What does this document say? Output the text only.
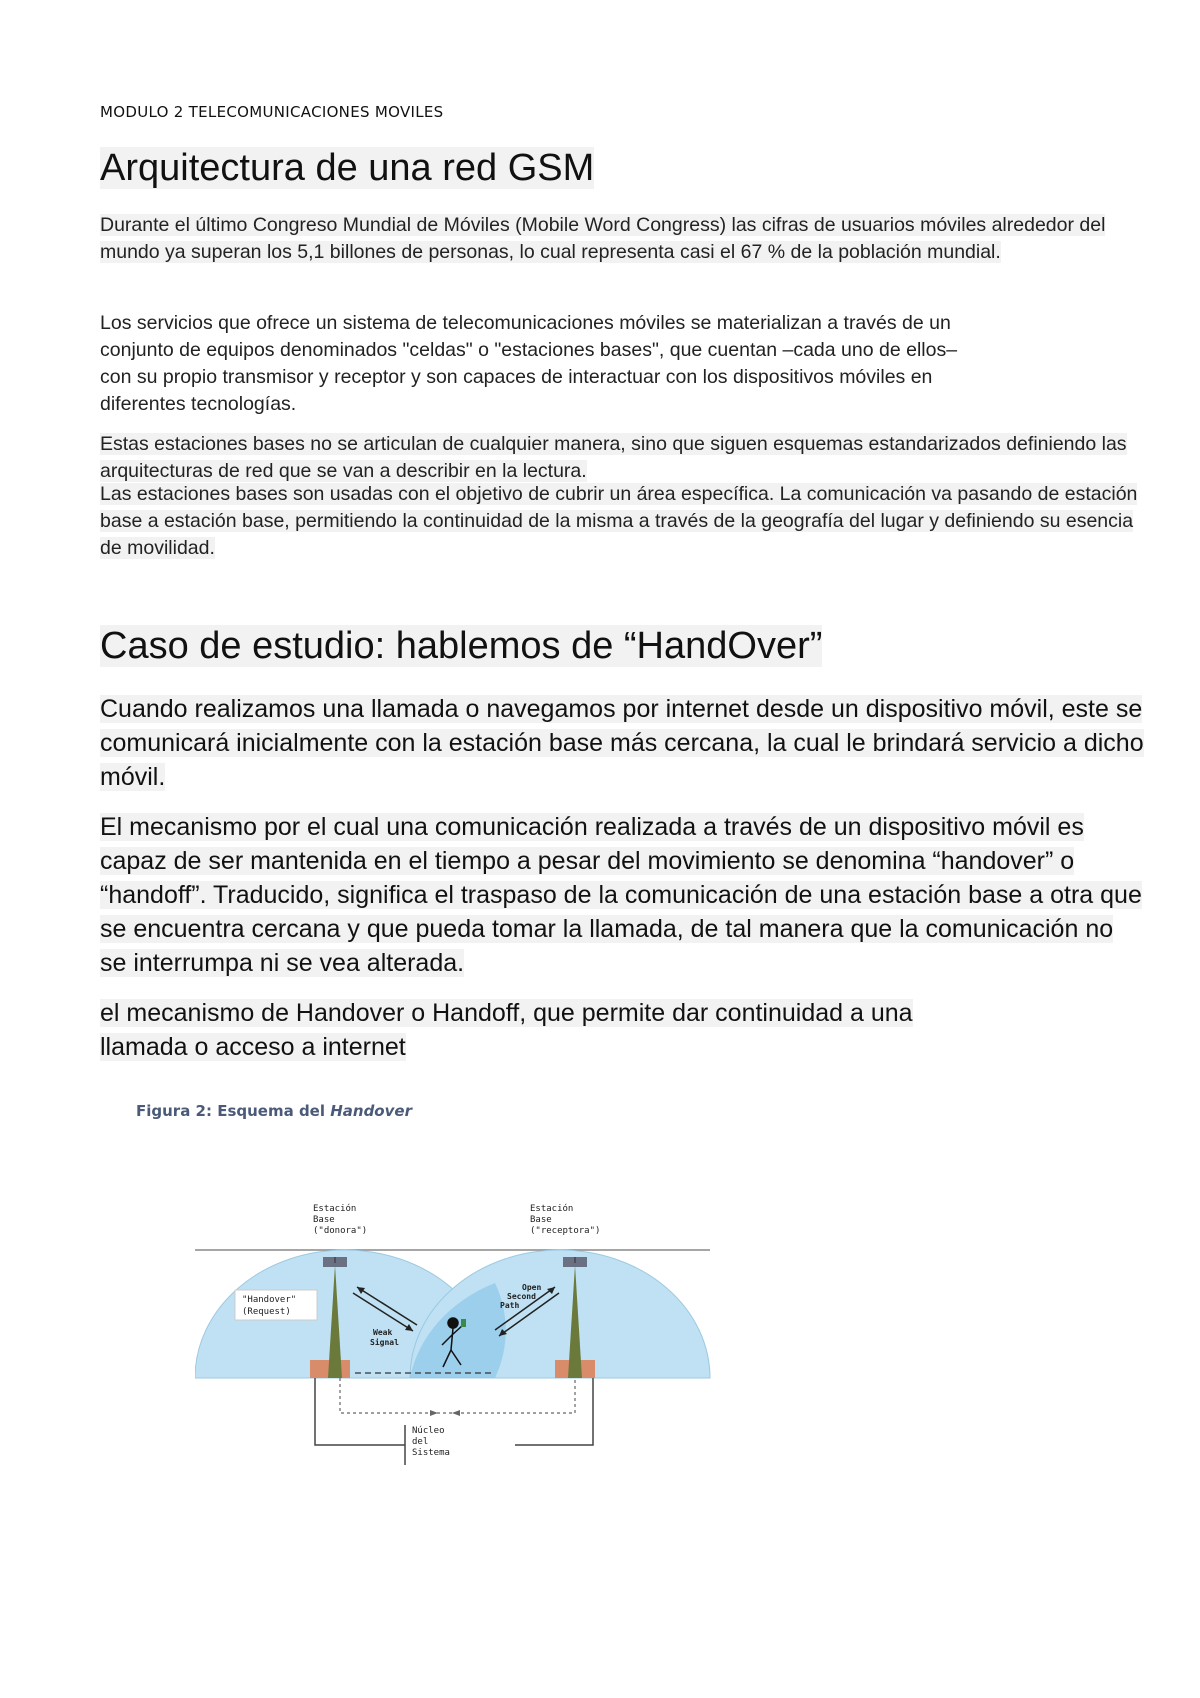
MODULO 2 TELECOMUNICACIONES MOVILES
Arquitectura de una red GSM

Durante el último Congreso Mundial de Móviles (Mobile Word Congress) las cifras de usuarios móviles alrededor del mundo ya superan los 5,1 billones de personas, lo cual representa casi el 67 % de la población mundial.

Los servicios que ofrece un sistema de telecomunicaciones móviles se materializan a través de un conjunto de equipos denominados "celdas" o "estaciones bases", que cuentan –cada uno de ellos– con su propio transmisor y receptor y son capaces de interactuar con los dispositivos móviles en diferentes tecnologías.

Estas estaciones bases no se articulan de cualquier manera, sino que siguen esquemas estandarizados definiendo las arquitecturas de red que se van a describir en la lectura.

Las estaciones bases son usadas con el objetivo de cubrir un área específica. La comunicación va pasando de estación base a estación base, permitiendo la continuidad de la misma a través de la geografía del lugar y definiendo su esencia de movilidad.

Caso de estudio: hablemos de “HandOver”

Cuando realizamos una llamada o navegamos por internet desde un dispositivo móvil, este se comunicará inicialmente con la estación base más cercana, la cual le brindará servicio a dicho móvil.

El mecanismo por el cual una comunicación realizada a través de un dispositivo móvil es capaz de ser mantenida en el tiempo a pesar del movimiento se denomina “handover” o “handoff”. Traducido, significa el traspaso de la comunicación de una estación base a otra que se encuentra cercana y que pueda tomar la llamada, de tal manera que la comunicación no se interrumpa ni se vea alterada.

el mecanismo de Handover o Handoff, que permite dar continuidad a una llamada o acceso a internet

Figura 2: Esquema del Handover
"Handover"
(Request)
Weak
Signal
Open
Second
Path
Núcleo
del
Sistema
Estación
Base
("donora")
Estación
Base
("receptora")
